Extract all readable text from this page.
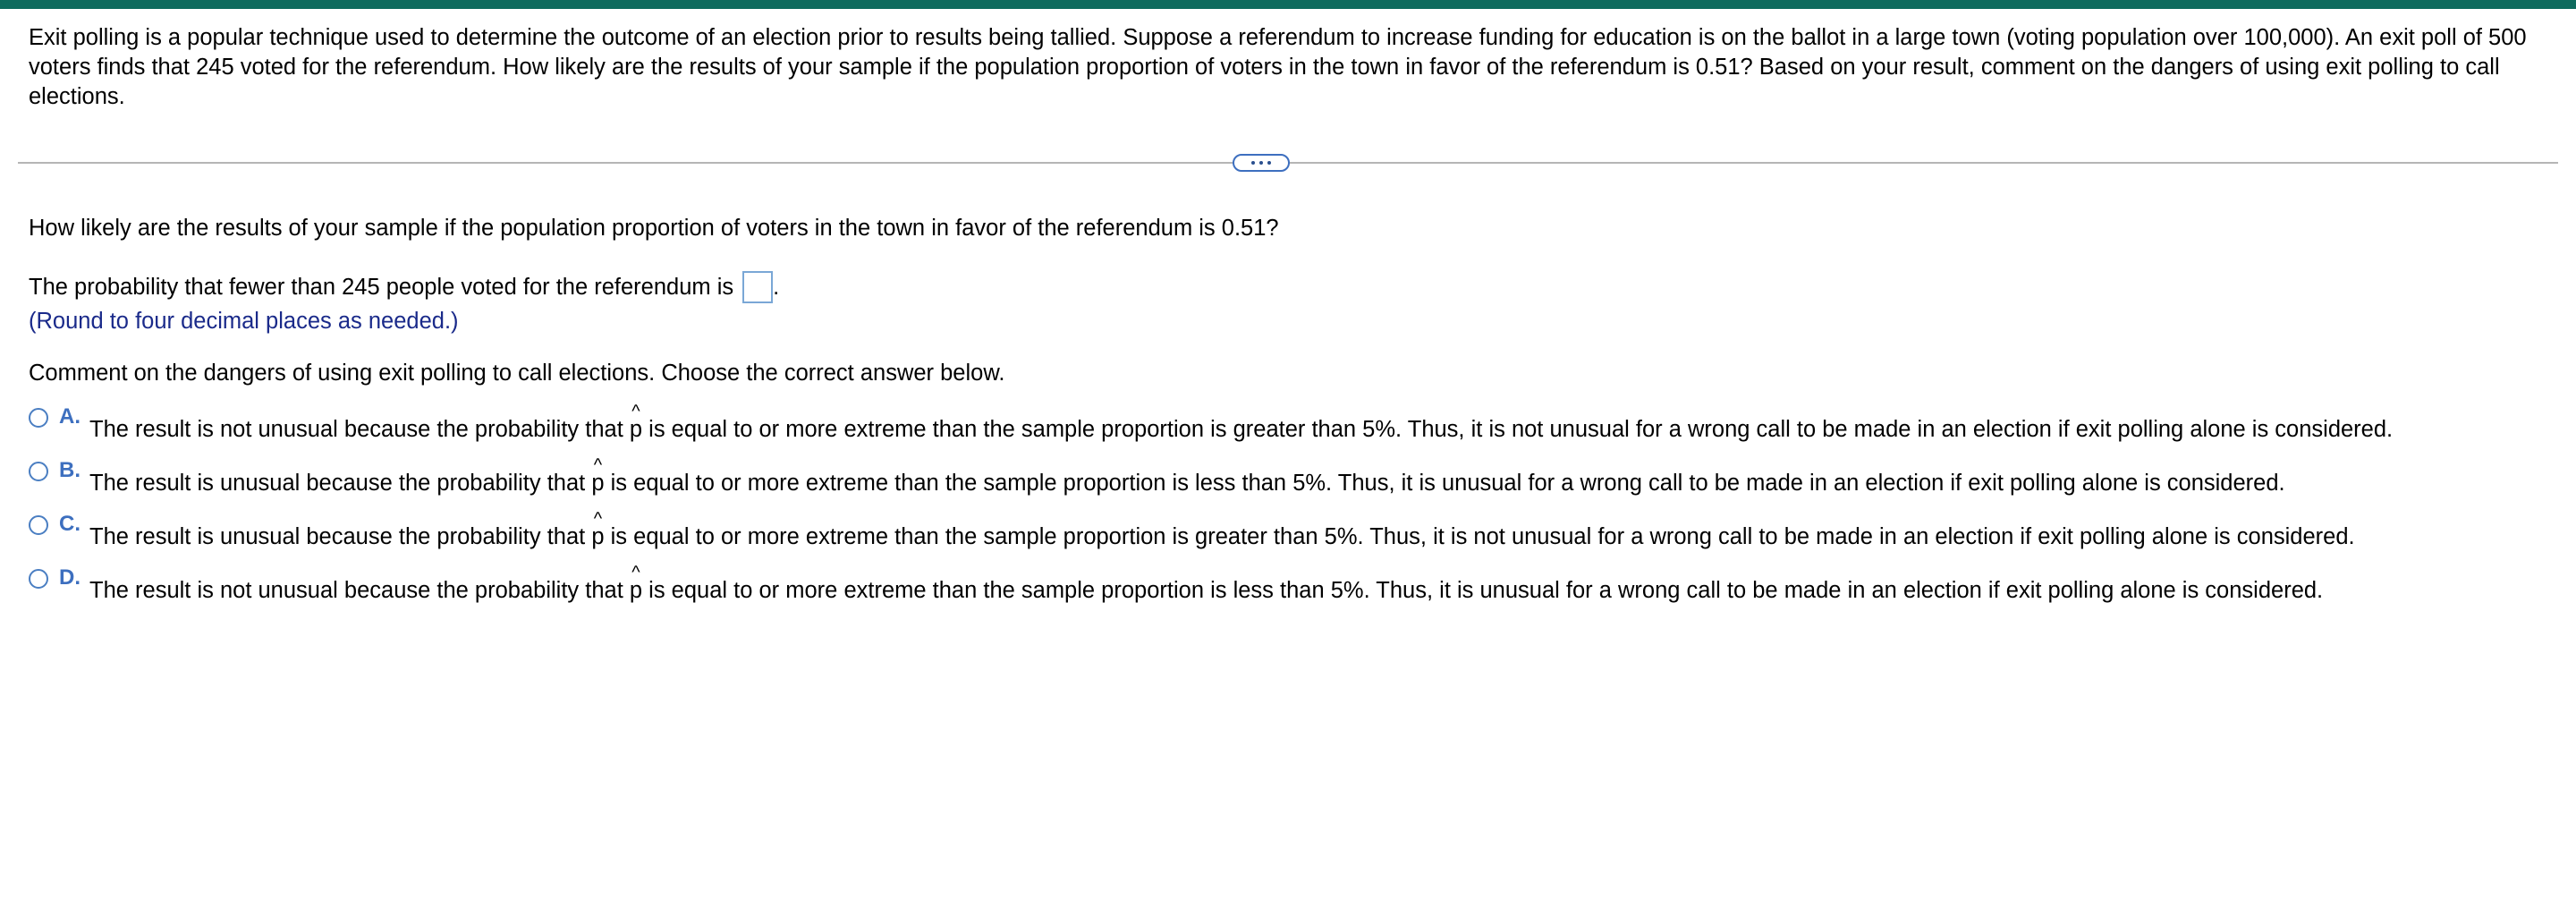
Exit polling is a popular technique used to determine the outcome of an election prior to results being tallied. Suppose a referendum to increase funding for education is on the ballot in a large town (voting population over 100,000). An exit poll of 500 voters finds that 245 voted for the referendum. How likely are the results of your sample if the population proportion of voters in the town in favor of the referendum is 0.51? Based on your result, comment on the dangers of using exit polling to call elections.
How likely are the results of your sample if the population proportion of voters in the town in favor of the referendum is 0.51?
The probability that fewer than 245 people voted for the referendum is .
(Round to four decimal places as needed.)
Comment on the dangers of using exit polling to call elections. Choose the correct answer below.
A.
The result is not unusual because the probability that
^
p is equal to or more extreme than the sample proportion is greater than 5%. Thus, it is not unusual for a wrong call to be made in an election if exit polling alone is considered.
B.
The result is unusual because the probability that
^
p is equal to or more extreme than the sample proportion is less than 5%. Thus, it is unusual for a wrong call to be made in an election if exit polling alone is considered.
C.
The result is unusual because the probability that
^
p is equal to or more extreme than the sample proportion is greater than 5%. Thus, it is not unusual for a wrong call to be made in an election if exit polling alone is considered.
D.
The result is not unusual because the probability that
^
p is equal to or more extreme than the sample proportion is less than 5%. Thus, it is unusual for a wrong call to be made in an election if exit polling alone is considered.
